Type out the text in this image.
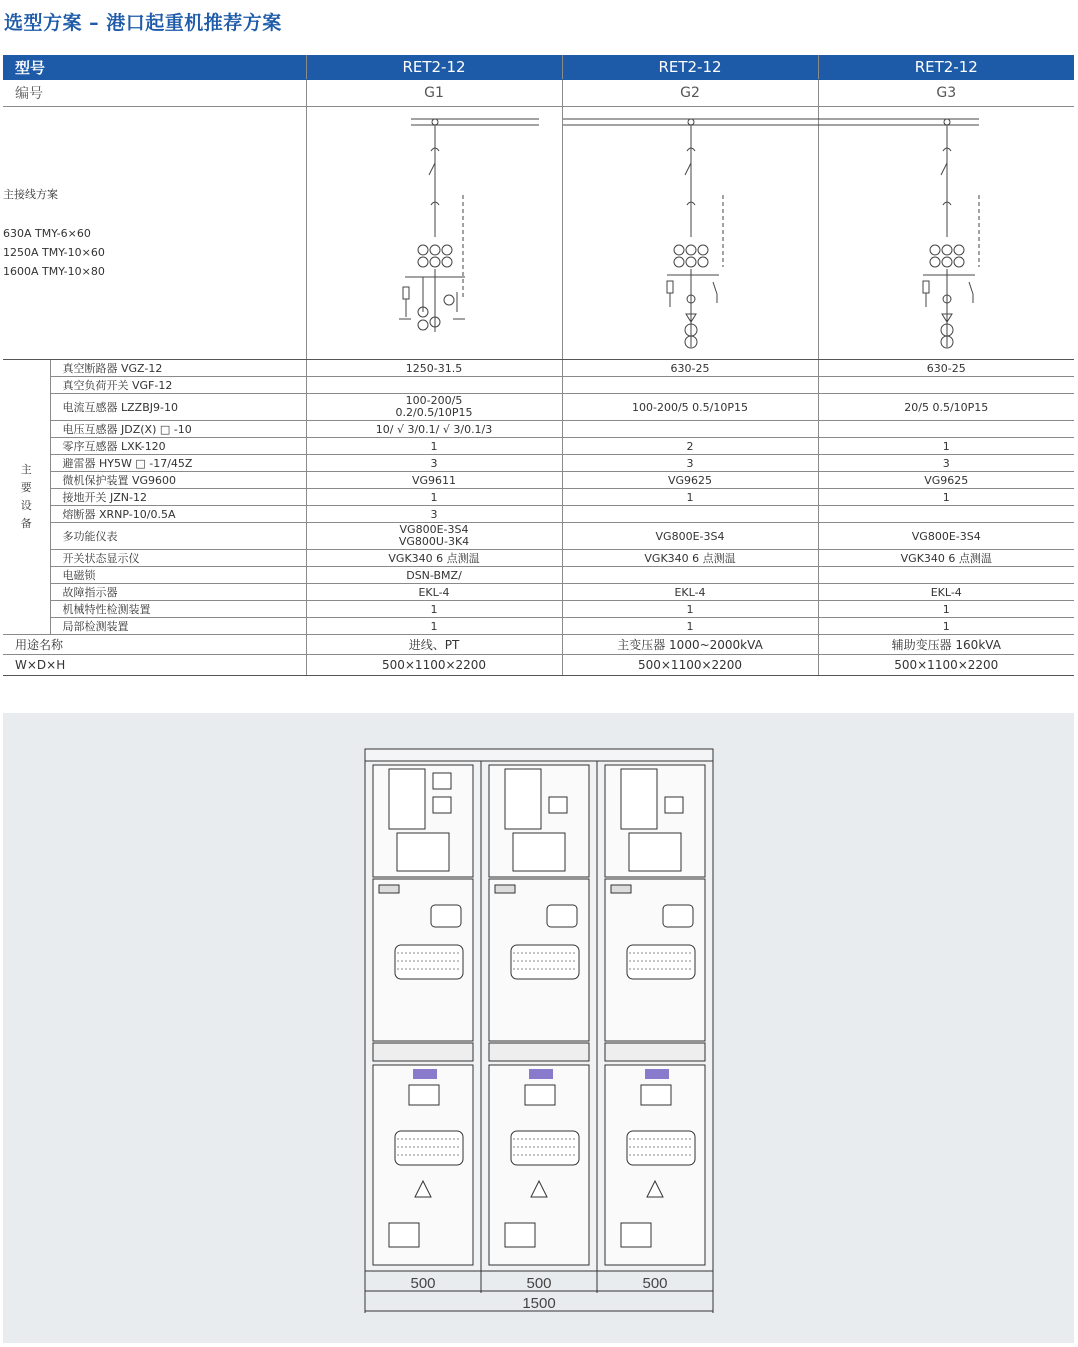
选型方案 – 港口起重机推荐方案
型号		RET2-12	RET2-12	RET2-12
编号		G1	G2	G3

主接线方案
630A TMY-6×60
1250A TMY-10×60
1600A TMY-10×80

主
要
设
备	真空断路器 VGZ-12	1250-31.5	630-25	630-25
	真空负荷开关 VGF-12			
	电流互感器 LZZBJ9-10	100-200/5
0.2/0.5/10P15	100-200/5 0.5/10P15	20/5 0.5/10P15
	电压互感器 JDZ(X) □ -10	10/ √ 3/0.1/ √ 3/0.1/3		
	零序互感器 LXK-120	1	2	1
	避雷器 HY5W □ -17/45Z	3	3	3
	微机保护装置 VG9600	VG9611	VG9625	VG9625
	接地开关 JZN-12	1	1	1
	熔断器 XRNP-10/0.5A	3		
	多功能仪表	VG800E-3S4
VG800U-3K4	VG800E-3S4	VG800E-3S4
	开关状态显示仪	VGK340 6 点测温	VGK340 6 点测温	VGK340 6 点测温
	电磁锁	DSN-BMZ/		
	故障指示器	EKL-4	EKL-4	EKL-4
	机械特性检测装置	1	1	1
	局部检测装置	1	1	1
用途名称		进线、PT	主变压器 1000~2000kVA	辅助变压器 160kVA
W×D×H		500×1100×2200	500×1100×2200	500×1100×2200
500	500	500
1500
